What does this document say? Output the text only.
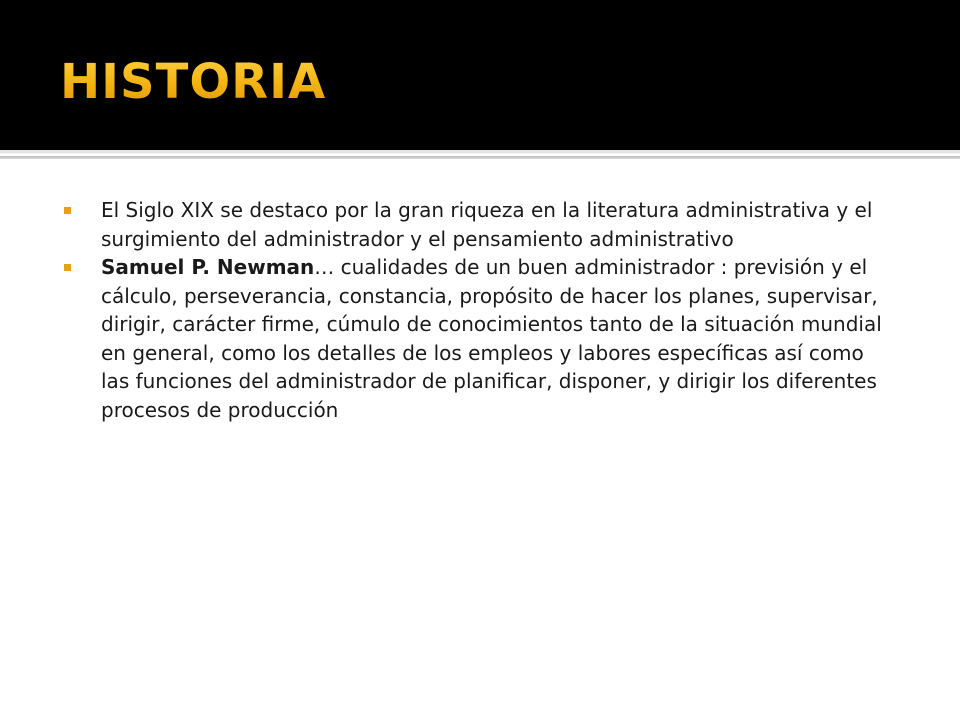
HISTORIA
El Siglo XIX se destaco por la gran riqueza en la literatura administrativa y el surgimiento del administrador y el pensamiento administrativo
Samuel P. Newman… cualidades de un buen administrador : previsión y el cálculo, perseverancia, constancia, propósito de hacer los planes, supervisar, dirigir, carácter firme, cúmulo de conocimientos tanto de la situación mundial en general, como los detalles de los empleos y labores específicas así como las funciones del administrador de planificar, disponer, y dirigir los diferentes procesos de producción
